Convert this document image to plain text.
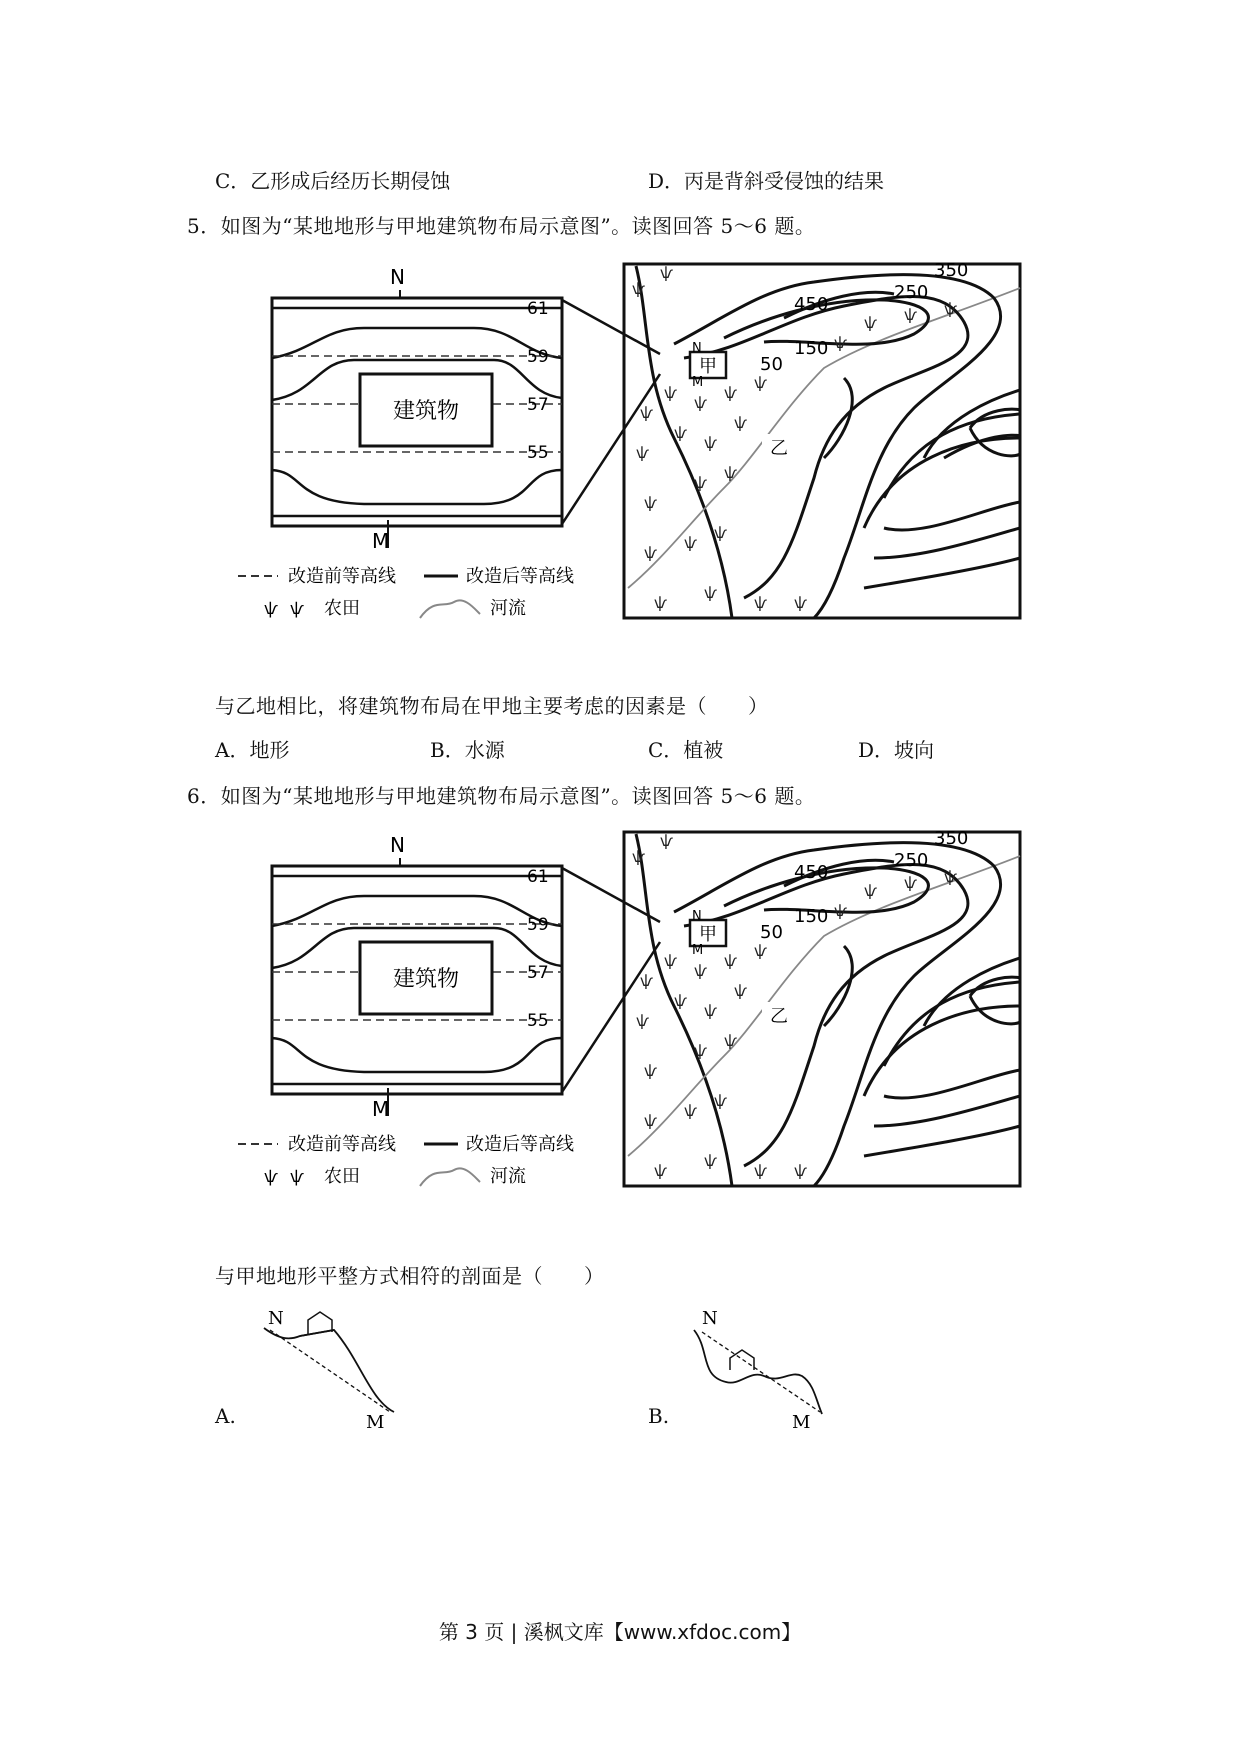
C．乙形成后经历长期侵蚀	D．丙是背斜受侵蚀的结果
5．如图为“某地地形与甲地建筑物布局示意图”。读图回答 5～6 题。
N
建筑物
61
59
57
55
M
350
450
250
150
50
甲
N
M
乙
ѱ
ѱ
ѱ
ѱ
ѱ
ѱ
ѱ
ѱ
ѱ
ѱ
ѱ
ѱ
ѱ
ѱ
ѱ
ѱ
ѱ
ѱ
ѱ
ѱ ѱ
ѱ ѱ ѱ
ѱ
改造前等高线	改造后等高线
ѱ ѱ 农田	河流
与乙地相比，将建筑物布局在甲地主要考虑的因素是（　　）
A．地形	B．水源	C．植被	D．坡向
6．如图为“某地地形与甲地建筑物布局示意图”。读图回答 5～6 题。
N
建筑物
61
59
57
55
M
350
450
250
150
50
甲
N
M
乙
ѱ
ѱ
ѱ
ѱ
ѱ
ѱ
ѱ
ѱ
ѱ
ѱ
ѱ
ѱ
ѱ
ѱ
ѱ
ѱ
ѱ
ѱ
ѱ
ѱ ѱ
ѱ ѱ ѱ
ѱ
改造前等高线	改造后等高线
ѱ ѱ 农田	河流
与甲地地形平整方式相符的剖面是（　　）
N
M
A.
N
M
B.
第 3 页 | 溪枫文库【www.xfdoc.com】
